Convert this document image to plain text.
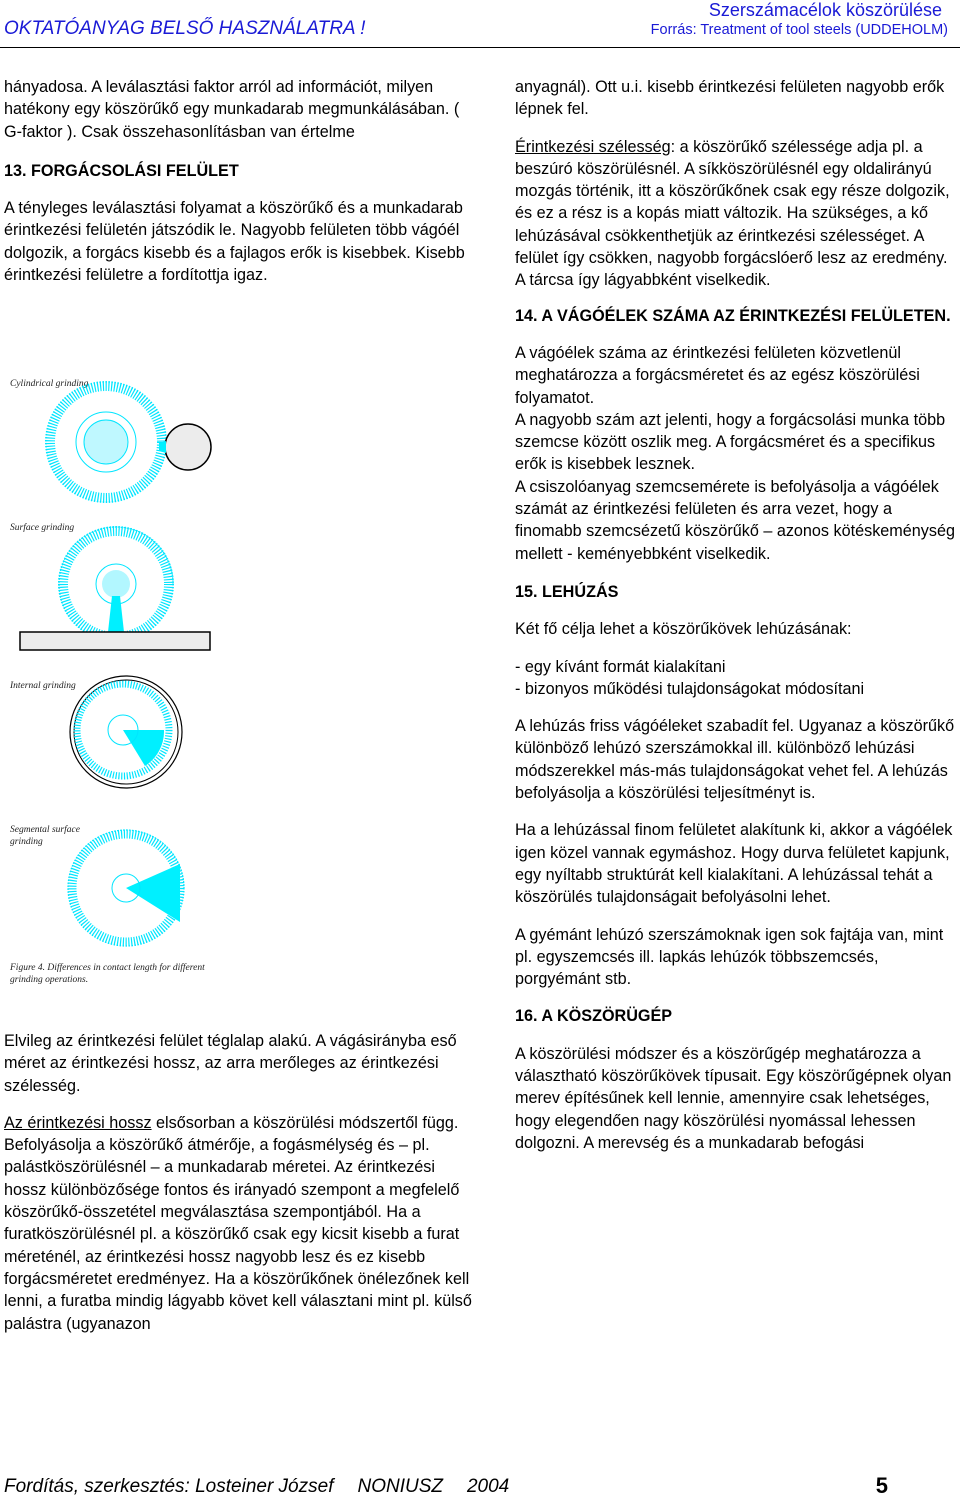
OKTATÓANYAG BELSŐ HASZNÁLATRA !
Szerszámacélok köszörülése
Forrás: Treatment of tool steels (UDDEHOLM)

hányadosa. A leválasztási faktor arról ad információt, milyen hatékony egy köszörűkő egy munkadarab megmunkálásában. ( G-faktor ). Csak összehasonlításban van értelme

13. FORGÁCSOLÁSI FELÜLET

A tényleges leválasztási folyamat a köszörűkő és a munkadarab érintkezési felületén játszódik le. Nagyobb felületen több vágóél dolgozik, a forgács kisebb és a fajlagos erők is kisebbek. Kisebb érintkezési felületre a fordítottja igaz.

Cylindrical grinding
Surface grinding
Internal grinding
Segmental surface
grinding
Figure 4. Differences in contact length for different
grinding operations.

Elvileg az érintkezési felület téglalap alakú. A vágásirányba eső méret az érintkezési hossz, az arra merőleges az érintkezési szélesség.

Az érintkezési hossz elsősorban a köszörülési módszertől függ. Befolyásolja a köszörűkő átmérője, a fogásmélység és – pl. palástköszörülésnél – a munkadarab méretei. Az érintkezési hossz különbözősége fontos és irányadó szempont a megfelelő köszörűkő-összetétel megválasztása szempontjából. Ha a furatköszörülésnél pl. a köszörűkő csak egy kicsit kisebb a furat méreténél, az érintkezési hossz nagyobb lesz és ez kisebb forgácsméretet eredményez. Ha a köszörűkőnek önélezőnek kell lenni, a furatba mindig lágyabb követ kell választani mint pl. külső palástra (ugyanazon

anyagnál). Ott u.i. kisebb érintkezési felületen nagyobb erők lépnek fel.

Érintkezési szélesség: a köszörűkő szélessége adja pl. a beszúró köszörülésnél. A síkköszörülésnél egy oldalirányú mozgás történik, itt a köszörűkőnek csak egy része dolgozik, és ez a rész is a kopás miatt változik. Ha szükséges, a kő lehúzásával csökkenthetjük az érintkezési szélességet. A felület így csökken, nagyobb forgácslóerő lesz az eredmény. A tárcsa így lágyabbként viselkedik.

14. A VÁGÓÉLEK SZÁMA AZ ÉRINTKEZÉSI FELÜLETEN.

A vágóélek száma az érintkezési felületen közvetlenül meghatározza a forgácsméretet és az egész köszörülési folyamatot.

A nagyobb szám azt jelenti, hogy a forgácsolási munka több szemcse között oszlik meg. A forgácsméret és a specifikus erők is kisebbek lesznek.

A csiszolóanyag szemcsemérete is befolyásolja a vágóélek számát az érintkezési felületen és arra vezet, hogy a finomabb szemcsézetű köszörűkő – azonos kötéskeménység mellett - keményebbként viselkedik.

15. LEHÚZÁS

Két fő célja lehet a köszörűkövek lehúzásának:

- egy kívánt formát kialakítani

- bizonyos működési tulajdonságokat módosítani

A lehúzás friss vágóéleket szabadít fel. Ugyanaz a köszörűkő különböző lehúzó szerszámokkal ill. különböző lehúzási módszerekkel más-más tulajdonságokat vehet fel. A lehúzás befolyásolja a köszörülési teljesítményt is.

Ha a lehúzással finom felületet alakítunk ki, akkor a vágóélek igen közel vannak egymáshoz. Hogy durva felületet kapjunk, egy nyíltabb struktúrát kell kialakítani. A lehúzással tehát a köszörülés tulajdonságait befolyásolni lehet.

A gyémánt lehúzó szerszámoknak igen sok fajtája van, mint pl. egyszemcsés ill. lapkás lehúzók többszemcsés, porgyémánt stb.

16. A KÖSZÖRÜGÉP

A köszörülési módszer és a köszörűgép meghatározza a választható köszörűkövek típusait. Egy köszörűgépnek olyan merev építésűnek kell lennie, amennyire csak lehetséges, hogy elegendően nagy köszörülési nyomással lehessen dolgozni. A merevség és a munkadarab befogási

Fordítás, szerkesztés: Losteiner József NONIUSZ 2004	5
